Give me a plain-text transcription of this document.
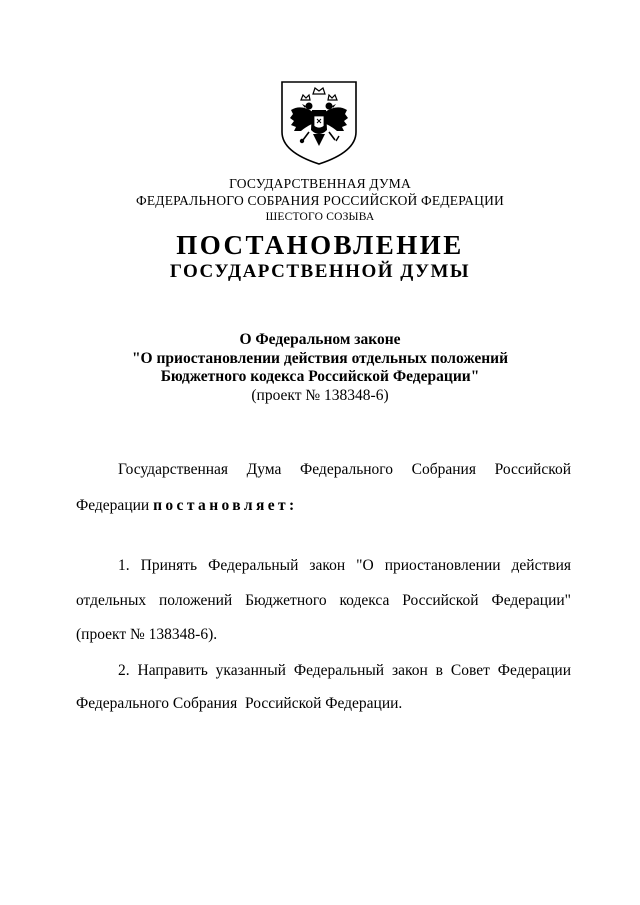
ГОСУДАРСТВЕННАЯ ДУМА
ФЕДЕРАЛЬНОГО СОБРАНИЯ РОССИЙСКОЙ ФЕДЕРАЦИИ
ШЕСТОГО СОЗЫВА
ПОСТАНОВЛЕНИЕ
ГОСУДАРСТВЕННОЙ ДУМЫ
О Федеральном законе
"О приостановлении действия отдельных положений
Бюджетного кодекса Российской Федерации"
(проект № 138348-6)
Государственная Дума Федерального Собрания Российской
Федерации постановляет:
1. Принять Федеральный закон "О приостановлении действия
отдельных положений Бюджетного кодекса Российской Федерации"
(проект № 138348-6).
2. Направить указанный Федеральный закон в Совет Федерации
Федерального Собрания  Российской Федерации.
